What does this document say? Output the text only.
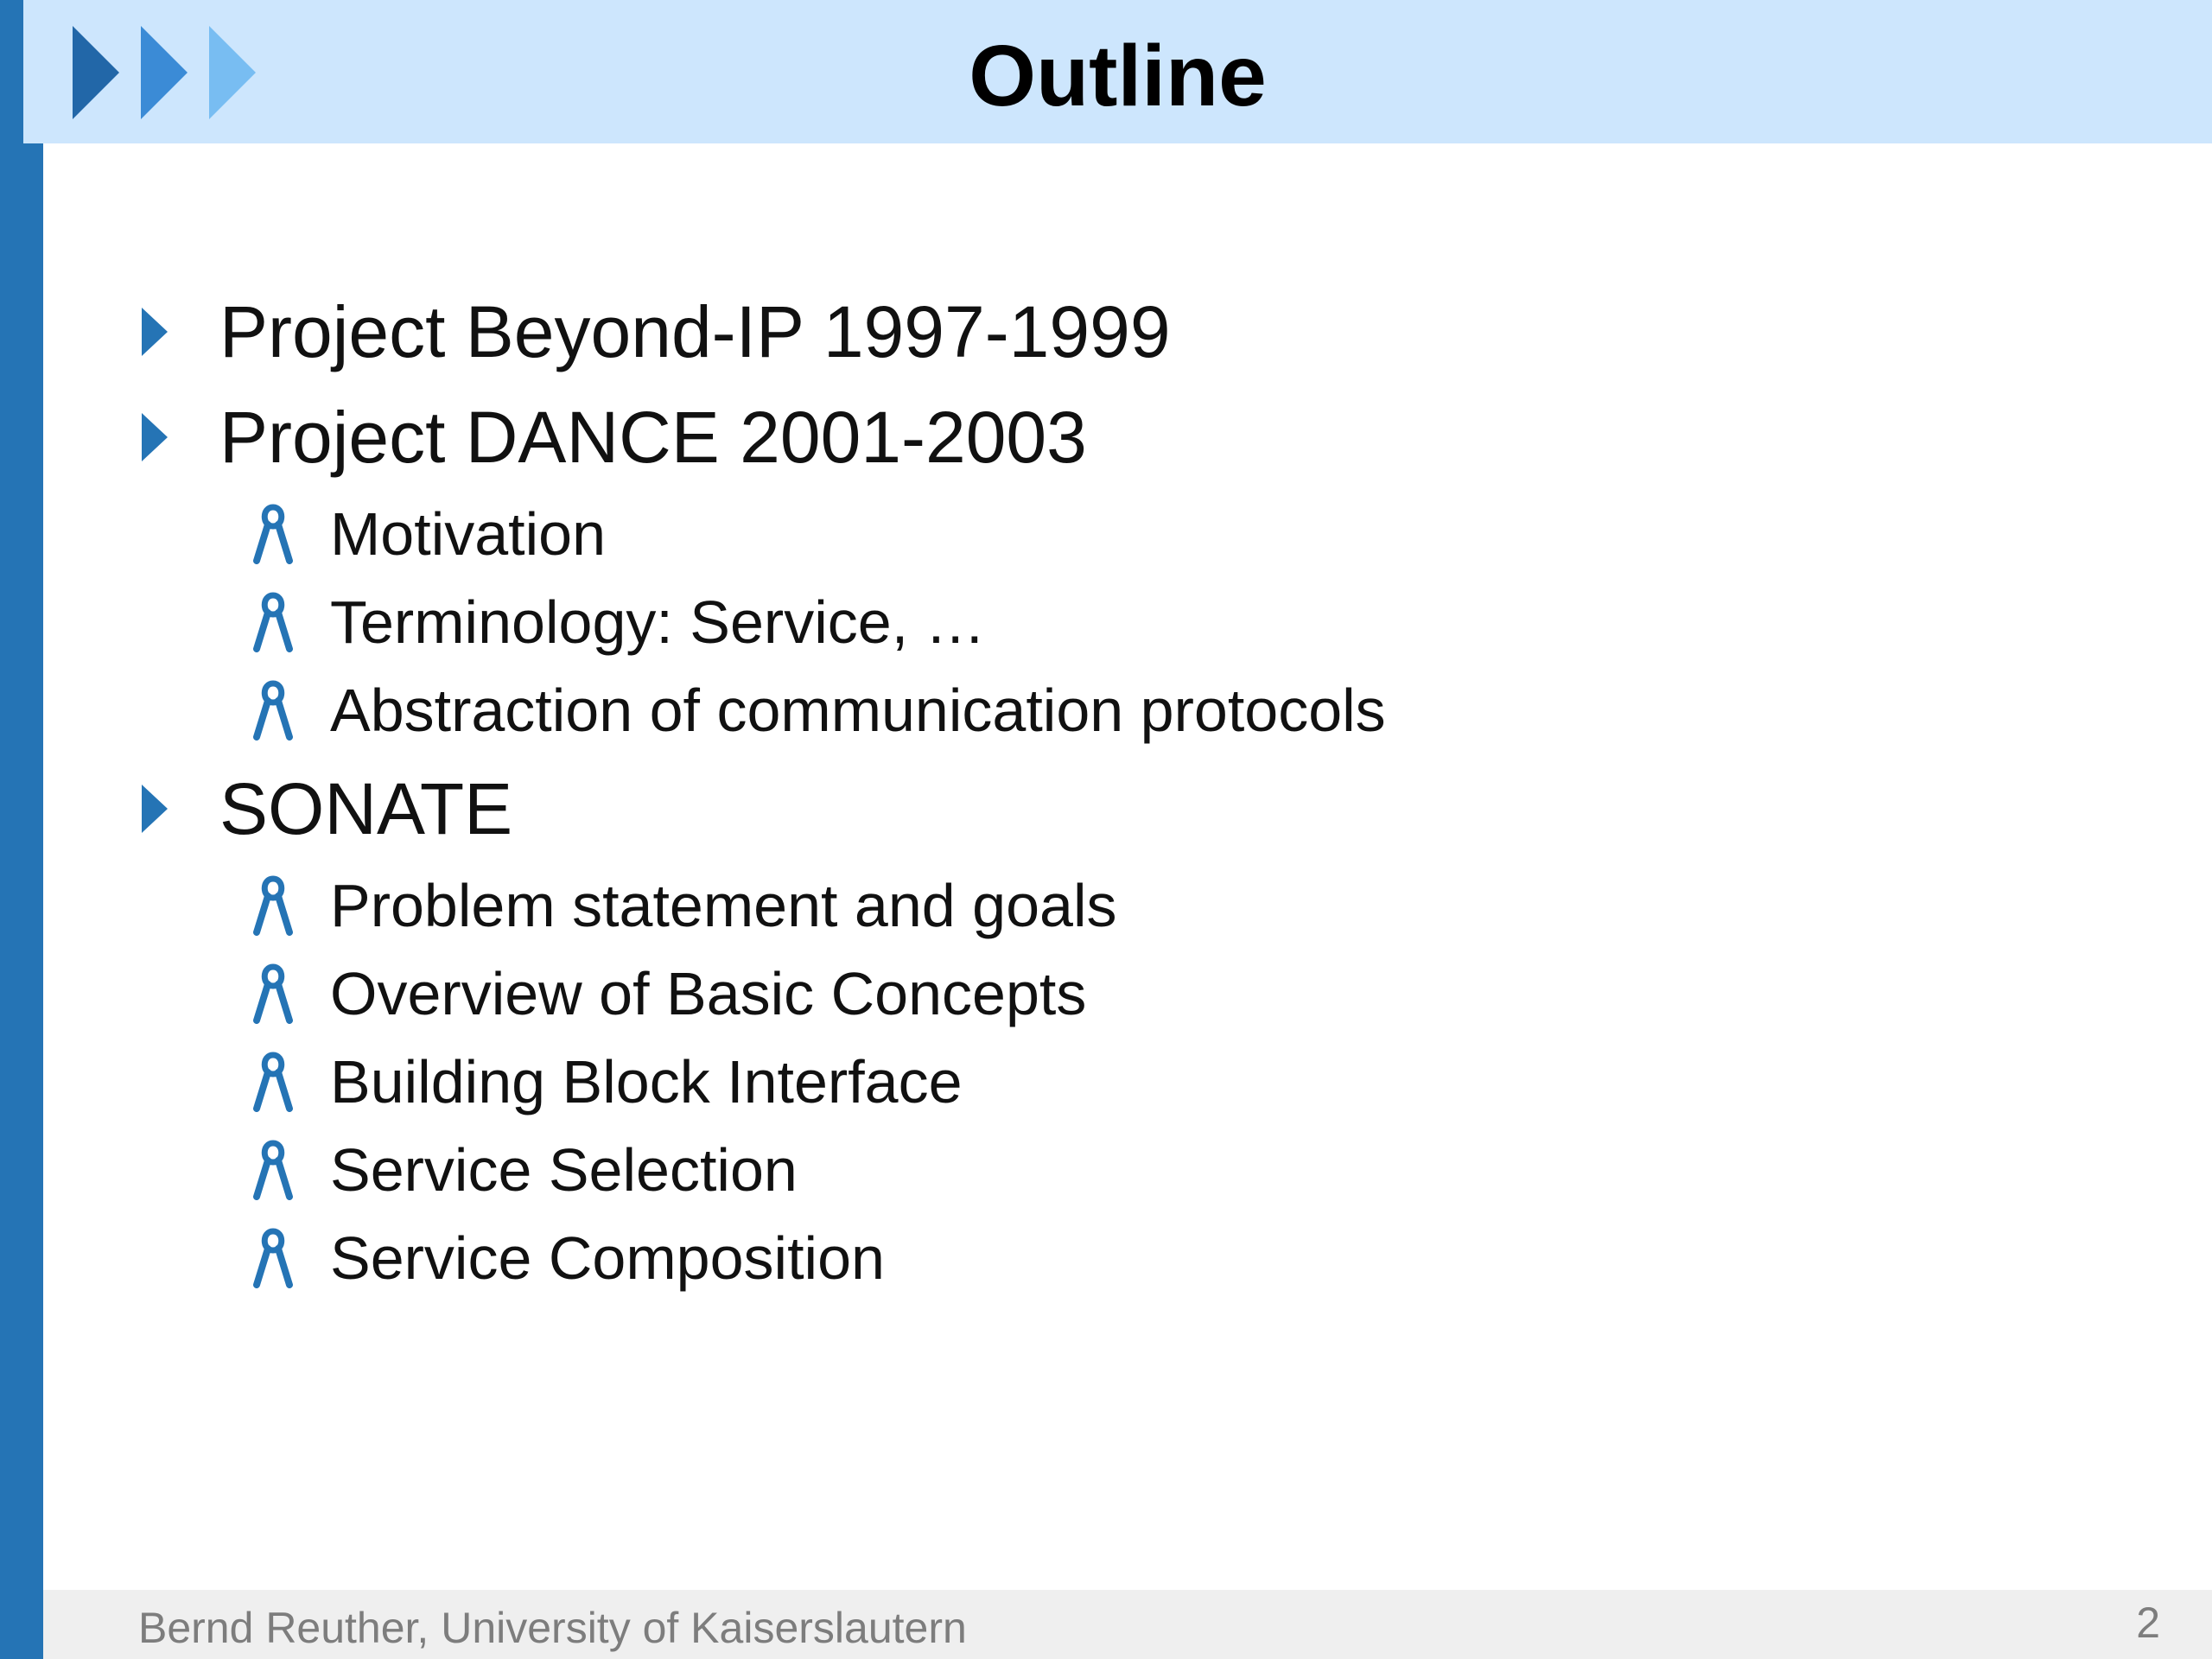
Outline
Project Beyond-IP 1997-1999
Project DANCE 2001-2003
Motivation
Terminology: Service, …
Abstraction of communication protocols
SONATE
Problem statement and goals
Overview of Basic Concepts
Building Block Interface
Service Selection
Service Composition
Bernd Reuther, University of Kaiserslautern	2
